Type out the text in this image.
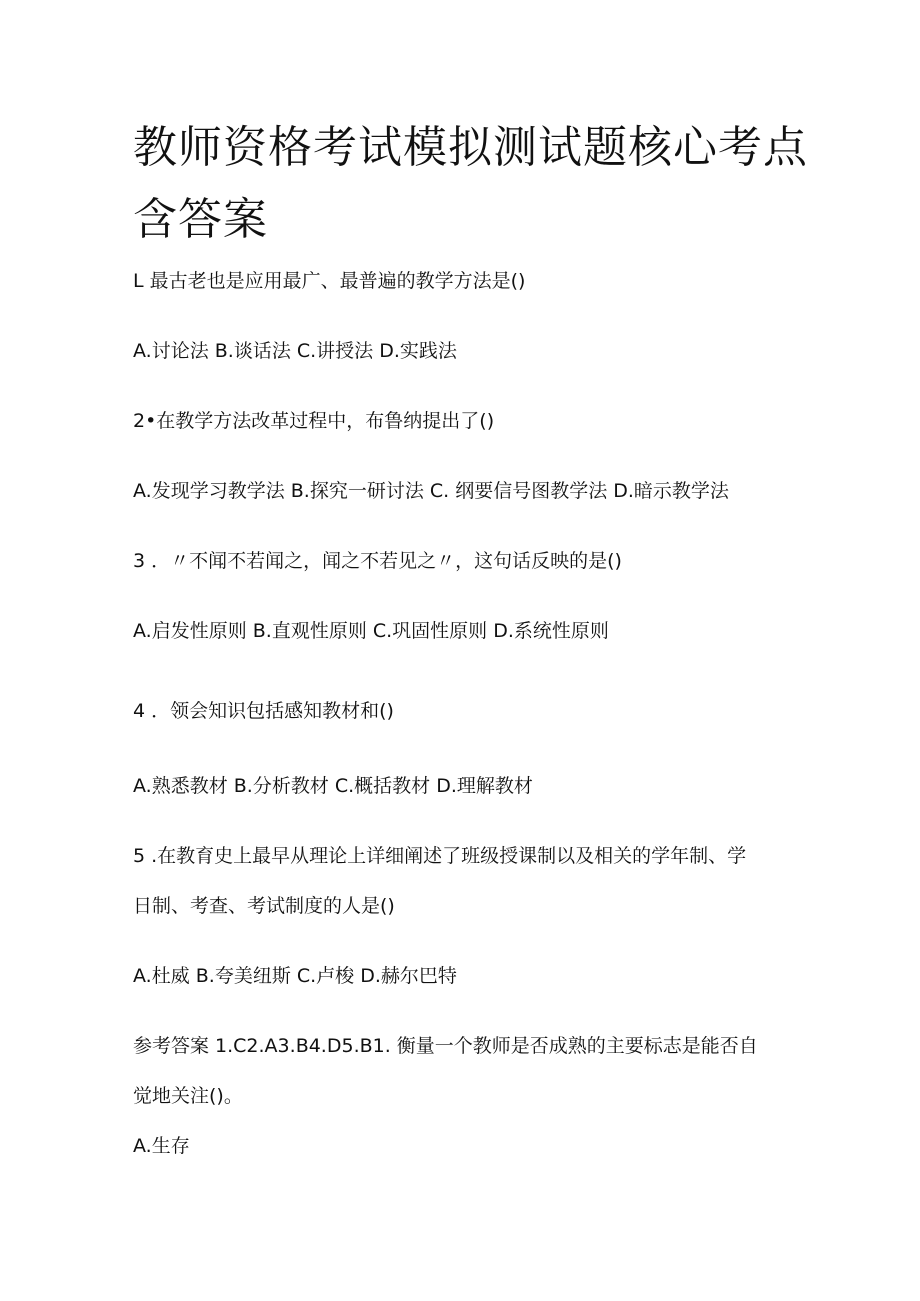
教师资格考试模拟测试题核心考点
含答案

L 最古老也是应用最广、最普遍的教学方法是()

A.讨论法 B.谈话法 C.讲授法 D.实践法

2•在教学方法改革过程中，布鲁纳提出了()

A.发现学习教学法 B.探究一研讨法 C. 纲要信号图教学法 D.暗示教学法

3 ．〃不闻不若闻之，闻之不若见之〃，这句话反映的是()

A.启发性原则 B.直观性原则 C.巩固性原则 D.系统性原则

4 ．领会知识包括感知教材和()

A.熟悉教材 B.分析教材 C.概括教材 D.理解教材

5 .在教育史上最早从理论上详细阐述了班级授课制以及相关的学年制、学

日制、考查、考试制度的人是()

A.杜威 B.夸美纽斯 C.卢梭 D.赫尔巴特

参考答案 1.C2.A3.B4.D5.B1. 衡量一个教师是否成熟的主要标志是能否自

觉地关注()。

A.生存
